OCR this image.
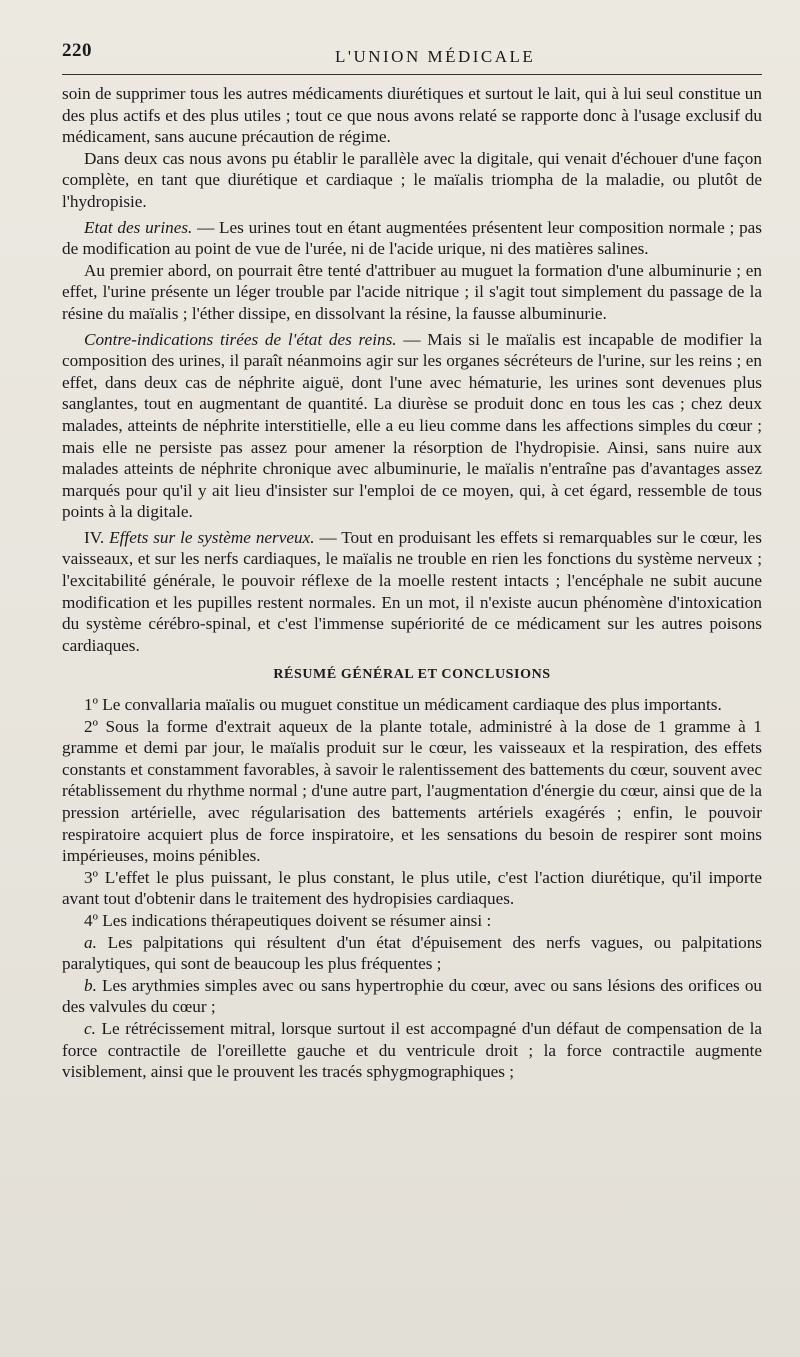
220	L'UNION MÉDICALE

soin de supprimer tous les autres médicaments diurétiques et surtout le lait, qui à lui seul constitue un des plus actifs et des plus utiles ; tout ce que nous avons relaté se rapporte donc à l'usage exclusif du médicament, sans aucune précaution de régime.

Dans deux cas nous avons pu établir le parallèle avec la digitale, qui venait d'échouer d'une façon complète, en tant que diurétique et cardiaque ; le maïalis triompha de la maladie, ou plutôt de l'hydropisie.

Etat des urines. — Les urines tout en étant augmentées présentent leur composition normale ; pas de modification au point de vue de l'urée, ni de l'acide urique, ni des matières salines.

Au premier abord, on pourrait être tenté d'attribuer au muguet la formation d'une albuminurie ; en effet, l'urine présente un léger trouble par l'acide nitrique ; il s'agit tout simplement du passage de la résine du maïalis ; l'éther dissipe, en dissolvant la résine, la fausse albuminurie.

Contre-indications tirées de l'état des reins. — Mais si le maïalis est incapable de modifier la composition des urines, il paraît néanmoins agir sur les organes sécréteurs de l'urine, sur les reins ; en effet, dans deux cas de néphrite aiguë, dont l'une avec hématurie, les urines sont devenues plus sanglantes, tout en augmentant de quantité. La diurèse se produit donc en tous les cas ; chez deux malades, atteints de néphrite interstitielle, elle a eu lieu comme dans les affections simples du cœur ; mais elle ne persiste pas assez pour amener la résorption de l'hydropisie. Ainsi, sans nuire aux malades atteints de néphrite chronique avec albuminurie, le maïalis n'entraîne pas d'avantages assez marqués pour qu'il y ait lieu d'insister sur l'emploi de ce moyen, qui, à cet égard, ressemble de tous points à la digitale.

IV. Effets sur le système nerveux. — Tout en produisant les effets si remarquables sur le cœur, les vaisseaux, et sur les nerfs cardiaques, le maïalis ne trouble en rien les fonctions du système nerveux ; l'excitabilité générale, le pouvoir réflexe de la moelle restent intacts ; l'encéphale ne subit aucune modification et les pupilles restent normales. En un mot, il n'existe aucun phénomène d'intoxication du système cérébro-spinal, et c'est l'immense supériorité de ce médicament sur les autres poisons cardiaques.

RÉSUMÉ GÉNÉRAL ET CONCLUSIONS

1º Le convallaria maïalis ou muguet constitue un médicament cardiaque des plus importants.

2º Sous la forme d'extrait aqueux de la plante totale, administré à la dose de 1 gramme à 1 gramme et demi par jour, le maïalis produit sur le cœur, les vaisseaux et la respiration, des effets constants et constamment favorables, à savoir le ralentissement des battements du cœur, souvent avec rétablissement du rhythme normal ; d'une autre part, l'augmentation d'énergie du cœur, ainsi que de la pression artérielle, avec régularisation des battements artériels exagérés ; enfin, le pouvoir respiratoire acquiert plus de force inspiratoire, et les sensations du besoin de respirer sont moins impérieuses, moins pénibles.

3º L'effet le plus puissant, le plus constant, le plus utile, c'est l'action diurétique, qu'il importe avant tout d'obtenir dans le traitement des hydropisies cardiaques.

4º Les indications thérapeutiques doivent se résumer ainsi :

a. Les palpitations qui résultent d'un état d'épuisement des nerfs vagues, ou palpitations paralytiques, qui sont de beaucoup les plus fréquentes ;

b. Les arythmies simples avec ou sans hypertrophie du cœur, avec ou sans lésions des orifices ou des valvules du cœur ;

c. Le rétrécissement mitral, lorsque surtout il est accompagné d'un défaut de compensation de la force contractile de l'oreillette gauche et du ventricule droit ; la force contractile augmente visiblement, ainsi que le prouvent les tracés sphygmographiques ;
